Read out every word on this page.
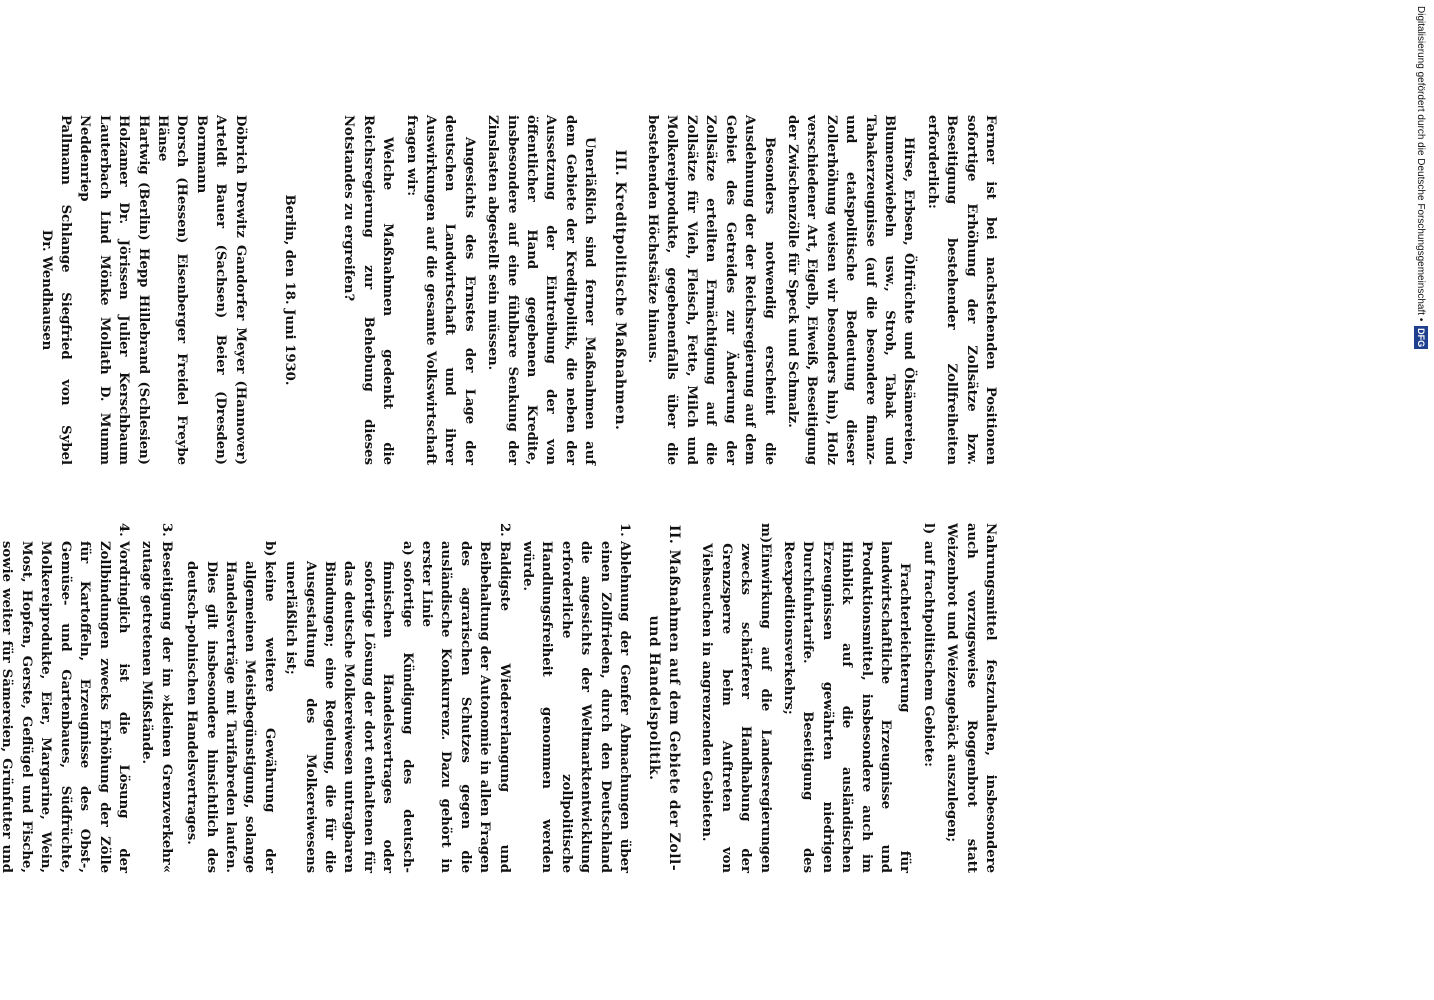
Nahrungsmittel festzuhalten, insbesondere auch vorzugsweise Roggenbrot statt Weizenbrot und Weizengebäck auszulegen;

l)
auf frachtpolitischem Gebiete:

Frachterleichterung für landwirtschaftliche Erzeugnisse und Produktionsmittel, insbesondere auch im Hinblick auf die ausländischen Erzeugnissen gewährten niedrigen Durchfuhrtarife. Beseitigung des Reexpeditionsverkehrs;

m)
Einwirkung auf die Landesregierungen zwecks schärferer Handhabung der Grenzsperre beim Auftreten von Viehseuchen in angrenzenden Gebieten.
II. Maßnahmen auf dem Gebiete der Zoll- und Handelspolitik.
1.
Ablehnung der Genfer Abmachungen über einen Zollfrieden, durch den Deutschland die angesichts der Weltmarktentwicklung erforderliche zollpolitische Handlungsfreiheit genommen werden würde.
2.
Baldigste Wiedererlangung und Beibehaltung der Autonomie in allen Fragen des agrarischen Schutzes gegen die ausländische Konkurrenz. Dazu gehört in erster Linie
a)
sofortige Kündigung des deutsch-finnischen Handelsvertrages oder sofortige Lösung der dort enthaltenen für das deutsche Molkereiwesen untragbaren Bindungen; eine Regelung, die für die Ausgestaltung des Molkereiwesens unerläßlich ist;
b)
keine weitere Gewährung der allgemeinen Meistbegünstigung, solange Handelsverträge mit Tarifabreden laufen. Dies gilt insbesondere hinsichtlich des deutsch-polnischen Handelsvertrages.
3.
Beseitigung der im »kleinen Grenzverkehr« zutage getretenen Mißstände.
4.
Vordringlich ist die Lösung der Zollbindungen zwecks Erhöhung der Zölle für Kartoffeln, Erzeugnisse des Obst-, Gemüse- und Gartenbaues, Südfrüchte, Molkereiprodukte, Eier, Margarine, Wein, Most, Hopfen, Gerste, Geflügel und Fische, sowie weiter für Sämereien, Grünfutter und

Ferner ist bei nachstehenden Positionen sofortige Erhöhung der Zollsätze bzw. Beseitigung bestehender Zollfreiheiten erforderlich:

Hirse, Erbsen, Ölfrüchte und Ölsämereien, Blumenzwiebeln usw., Stroh, Tabak und Tabakerzeugnisse (auf die besondere finanz- und etatspolitische Bedeutung dieser Zollerhöhung weisen wir besonders hin), Holz verschiedener Art, Eigelb, Eiweiß, Beseitigung der Zwischenzölle für Speck und Schmalz.

Besonders notwendig erscheint die Ausdehnung der der Reichsregierung auf dem Gebiet des Getreides zur Änderung der Zollsätze erteilten Ermächtigung auf die Zollsätze für Vieh, Fleisch, Fette, Milch und Molkereiprodukte, gegebenenfalls über die bestehenden Höchstsätze hinaus.

III. Kreditpolitische Maßnahmen.

Unerläßlich sind ferner Maßnahmen auf dem Gebiete der Kreditpolitik, die neben der Aussetzung der Eintreibung der von öffentlicher Hand gegebenen Kredite, insbesondere auf eine fühlbare Senkung der Zinslasten abgestellt sein müssen.

Angesichts des Ernstes der Lage der deutschen Landwirtschaft und ihrer Auswirkungen auf die gesamte Volkswirtschaft fragen wir:

Welche Maßnahmen gedenkt die Reichsregierung zur Behebung dieses Notstandes zu ergreifen?

Berlin, den 18. Juni 1930.

Döbrich Drewitz Gandorfer Meyer (Hannover)

Arteldt Bauer (Sachsen) Beier (Dresden) Bornmann

Dorsch (Hessen) Eisenberger Freidel Freybe Hänse

Hartwig (Berlin) Hepp Hillebrand (Schlesien)

Holzamer Dr. Jörissen Julier Kerschbaum Lauterbach Lind Mönke Mollath D. Mumm Neddenriep

Pallmann Schlange Siegfried von Sybel

Dr. Wendhausen	Digitalisierung gefördert durch die Deutsche Forschungsgemeinschaft • DFG
